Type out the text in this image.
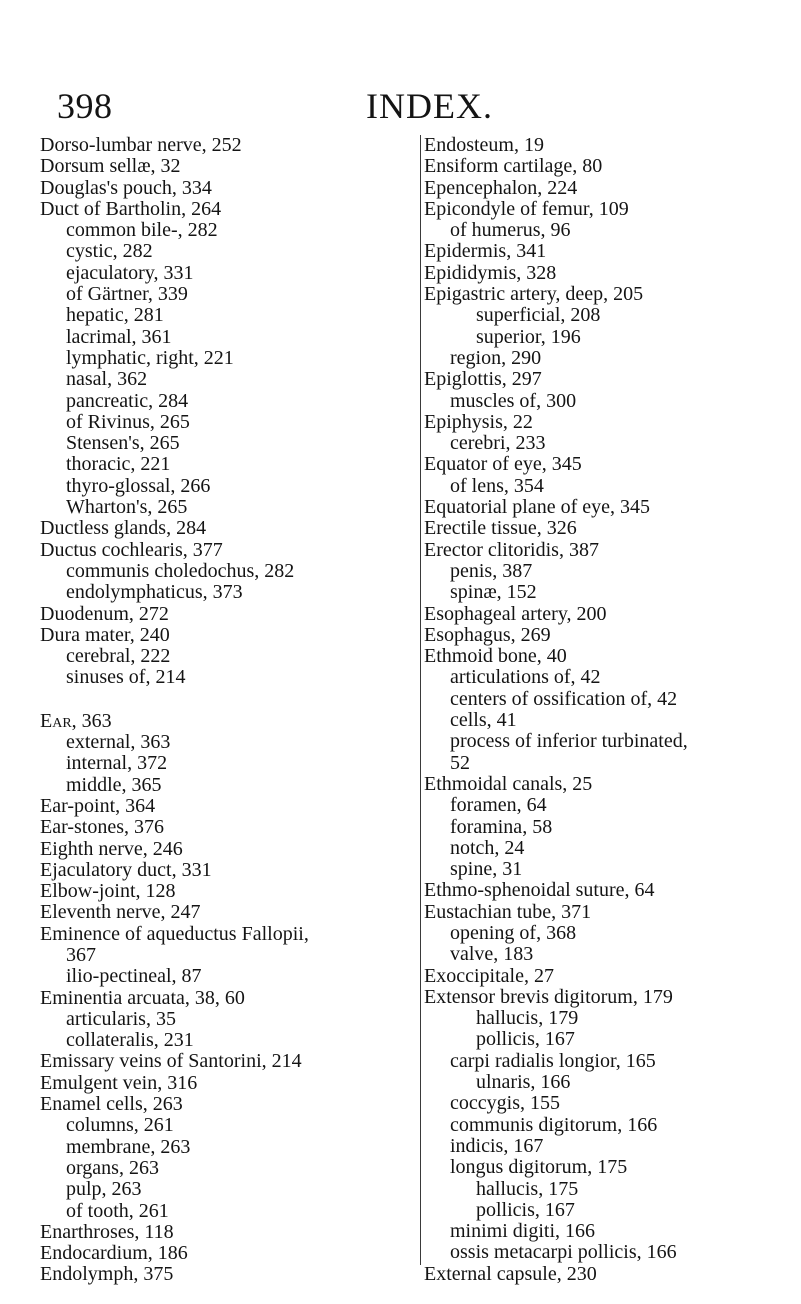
398	INDEX.
Dorso-lumbar nerve, 252
Dorsum sellæ, 32
Douglas's pouch, 334
Duct of Bartholin, 264
common bile-, 282
cystic, 282
ejaculatory, 331
of Gärtner, 339
hepatic, 281
lacrimal, 361
lymphatic, right, 221
nasal, 362
pancreatic, 284
of Rivinus, 265
Stensen's, 265
thoracic, 221
thyro-glossal, 266
Wharton's, 265
Ductless glands, 284
Ductus cochlearis, 377
communis choledochus, 282
endolymphaticus, 373
Duodenum, 272
Dura mater, 240
cerebral, 222
sinuses of, 214
Ear, 363
external, 363
internal, 372
middle, 365
Ear-point, 364
Ear-stones, 376
Eighth nerve, 246
Ejaculatory duct, 331
Elbow-joint, 128
Eleventh nerve, 247
Eminence of aqueductus Fallopii,
367
ilio-pectineal, 87
Eminentia arcuata, 38, 60
articularis, 35
collateralis, 231
Emissary veins of Santorini, 214
Emulgent vein, 316
Enamel cells, 263
columns, 261
membrane, 263
organs, 263
pulp, 263
of tooth, 261
Enarthroses, 118
Endocardium, 186
Endolymph, 375
Endosteum, 19
Ensiform cartilage, 80
Epencephalon, 224
Epicondyle of femur, 109
of humerus, 96
Epidermis, 341
Epididymis, 328
Epigastric artery, deep, 205
superficial, 208
superior, 196
region, 290
Epiglottis, 297
muscles of, 300
Epiphysis, 22
cerebri, 233
Equator of eye, 345
of lens, 354
Equatorial plane of eye, 345
Erectile tissue, 326
Erector clitoridis, 387
penis, 387
spinæ, 152
Esophageal artery, 200
Esophagus, 269
Ethmoid bone, 40
articulations of, 42
centers of ossification of, 42
cells, 41
process of inferior turbinated,
52
Ethmoidal canals, 25
foramen, 64
foramina, 58
notch, 24
spine, 31
Ethmo-sphenoidal suture, 64
Eustachian tube, 371
opening of, 368
valve, 183
Exoccipitale, 27
Extensor brevis digitorum, 179
hallucis, 179
pollicis, 167
carpi radialis longior, 165
ulnaris, 166
coccygis, 155
communis digitorum, 166
indicis, 167
longus digitorum, 175
hallucis, 175
pollicis, 167
minimi digiti, 166
ossis metacarpi pollicis, 166
External capsule, 230
